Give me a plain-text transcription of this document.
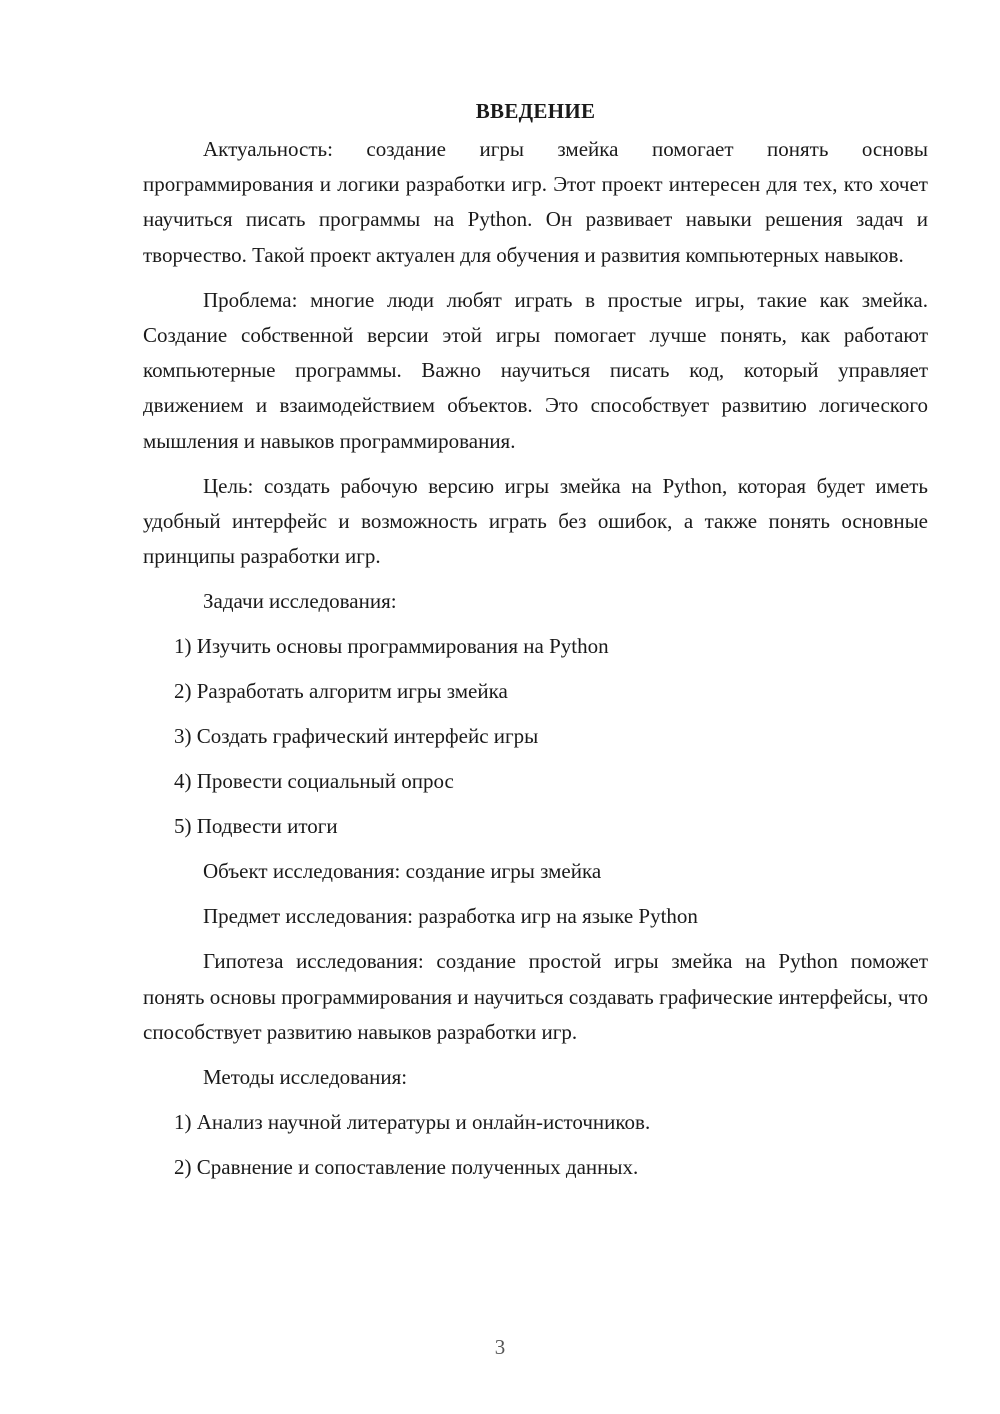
ВВЕДЕНИЕ

Актуальность: создание игры змейка помогает понять основы программирования и логики разработки игр. Этот проект интересен для тех, кто хочет научиться писать программы на Python. Он развивает навыки решения задач и творчество. Такой проект актуален для обучения и развития компьютерных навыков.

Проблема: многие люди любят играть в простые игры, такие как змейка. Создание собственной версии этой игры помогает лучше понять, как работают компьютерные программы. Важно научиться писать код, который управляет движением и взаимодействием объектов. Это способствует развитию логического мышления и навыков программирования.

Цель: создать рабочую версию игры змейка на Python, которая будет иметь удобный интерфейс и возможность играть без ошибок, а также понять основные принципы разработки игр.

Задачи исследования:
1) Изучить основы программирования на Python
2) Разработать алгоритм игры змейка
3) Создать графический интерфейс игры
4) Провести социальный опрос
5) Подвести итоги
Объект исследования: создание игры змейка
Предмет исследования: разработка игр на языке Python

Гипотеза исследования: создание простой игры змейка на Python поможет понять основы программирования и научиться создавать графические интерфейсы, что способствует развитию навыков разработки игр.

Методы исследования:
1) Анализ научной литературы и онлайн-источников.
2) Сравнение и сопоставление полученных данных.
3
